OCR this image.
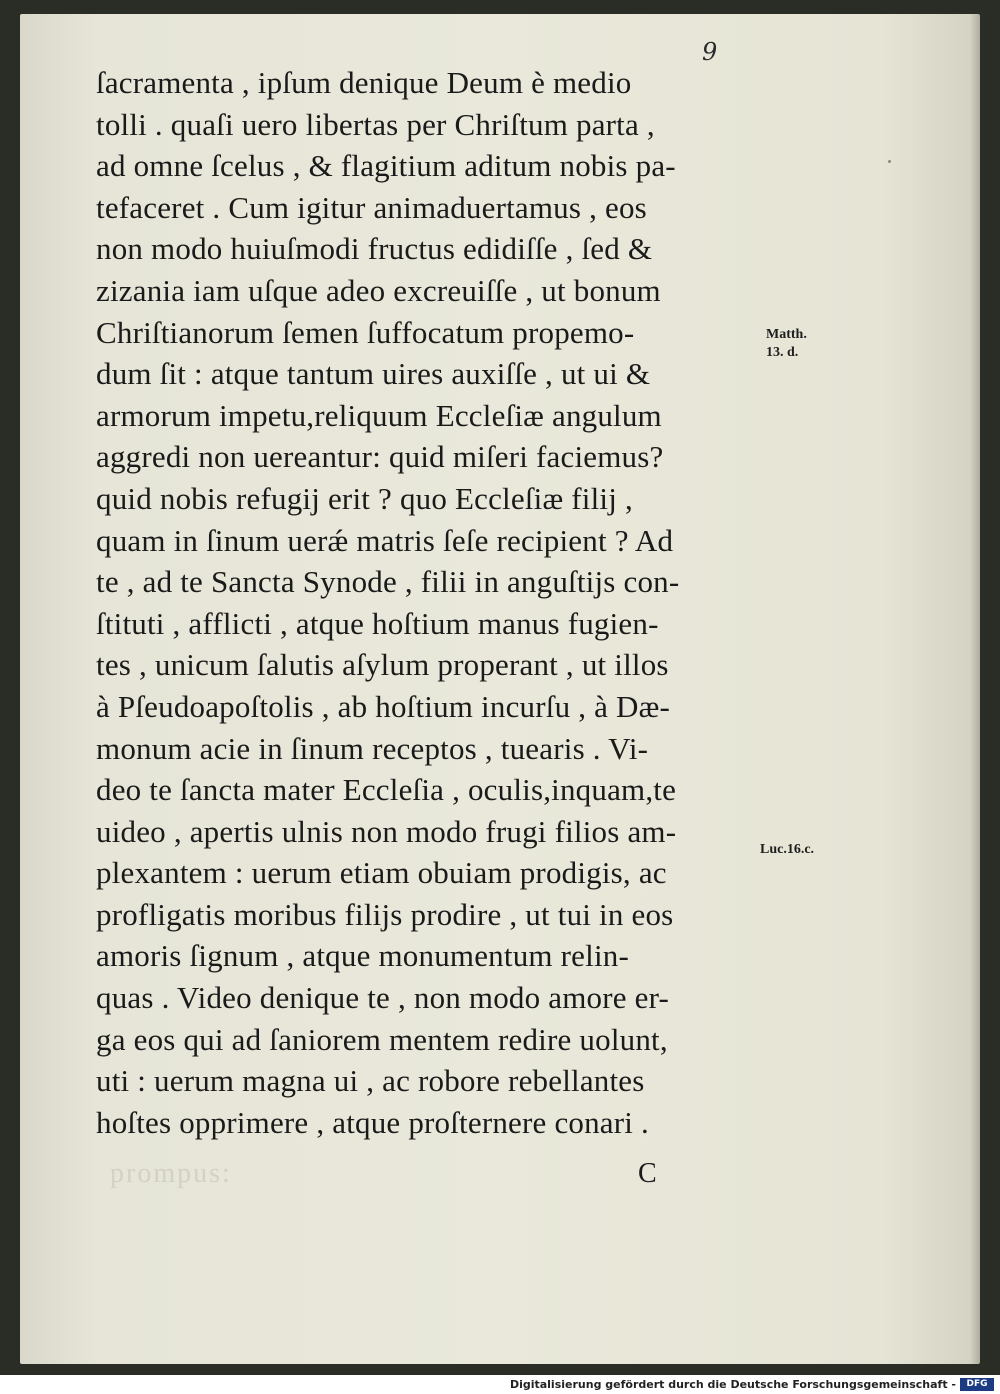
9
ſacramenta , ipſum denique Deum è medio
tolli . quaſi uero libertas per Chriſtum parta ,
ad omne ſcelus , & flagitium aditum nobis pa-
tefaceret . Cum igitur animaduertamus , eos
non modo huiuſmodi fructus edidiſſe , ſed &
zizania iam uſque adeo excreuiſſe , ut bonum
Chriſtianorum ſemen ſuffocatum propemo-
dum ſit : atque tantum uires auxiſſe , ut ui &
armorum impetu,reliquum Eccleſiæ angulum
aggredi non uereantur: quid miſeri faciemus?
quid nobis refugij erit ? quo Eccleſiæ filij ,
quam in ſinum uerǽ matris ſeſe recipient ? Ad
te , ad te Sancta Synode , filii in anguſtijs con-
ſtituti , afflicti , atque hoſtium manus fugien-
tes , unicum ſalutis aſylum properant , ut illos
à Pſeudoapoſtolis , ab hoſtium incurſu , à Dæ-
monum acie in ſinum receptos , tuearis . Vi-
deo te ſancta mater Eccleſia , oculis,inquam,te
uideo , apertis ulnis non modo frugi filios am-
plexantem : uerum etiam obuiam prodigis, ac
profligatis moribus filijs prodire , ut tui in eos
amoris ſignum , atque monumentum relin-
quas . Video denique te , non modo amore er-
ga eos qui ad ſaniorem mentem redire uolunt,
uti : uerum magna ui , ac robore rebellantes
hoſtes opprimere , atque proſternere conari .
Matth.
13. d.
Luc.16.c.
prompus:	C
Digitalisierung gefördert durch die Deutsche Forschungsgemeinschaft -	DFG
